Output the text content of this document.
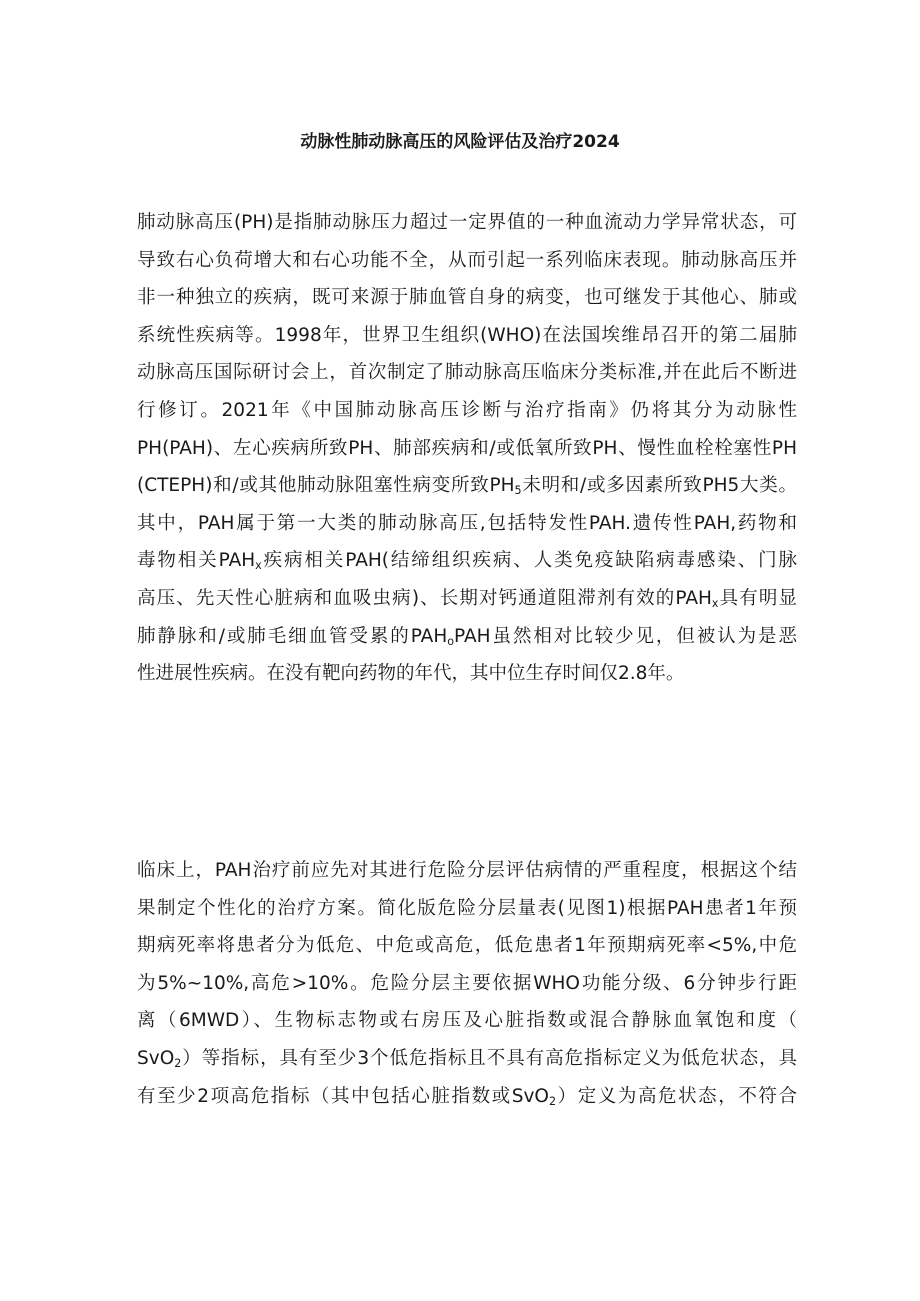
动脉性肺动脉高压的风险评估及治疗2024
肺动脉高压(PH)是指肺动脉压力超过一定界值的一种血流动力学异常状态，可
导致右心负荷增大和右心功能不全，从而引起一系列临床表现。肺动脉高压并
非一种独立的疾病，既可来源于肺血管自身的病变，也可继发于其他心、肺或
系统性疾病等。1998年，世界卫生组织(WHO)在法国埃维昂召开的第二届肺
动脉高压国际研讨会上，首次制定了肺动脉高压临床分类标准,并在此后不断进
行修订。2021年《中国肺动脉高压诊断与治疗指南》仍将其分为动脉性
PH(PAH)、左心疾病所致PH、肺部疾病和/或低氧所致PH、慢性血栓栓塞性PH
(CTEPH)和/或其他肺动脉阻塞性病变所致$PH_5$未明和/或多因素所致PH5大类。
其中，PAH属于第一大类的肺动脉高压,包括特发性PAH.遗传性PAH,药物和
毒物相关$PAH_x$疾病相关PAH(结缔组织疾病、人类免疫缺陷病毒感染、门脉
高压、先天性心脏病和血吸虫病)、长期对钙通道阻滞剂有效的$PAH_x$具有明显
肺静脉和/或肺毛细血管受累的$PAH_oPAH$虽然相对比较少见，但被认为是恶
性进展性疾病。在没有靶向药物的年代，其中位生存时间仅2.8年。
临床上，PAH治疗前应先对其进行危险分层评估病情的严重程度，根据这个结
果制定个性化的治疗方案。简化版危险分层量表(见图1)根据PAH患者1年预
期病死率将患者分为低危、中危或高危，低危患者1年预期病死率<5%,中危
为5%~10%,高危>10%。危险分层主要依据WHO功能分级、6分钟步行距
离（6MWD）、生物标志物或右房压及心脏指数或混合静脉血氧饱和度（
SvO$_2$）等指标，具有至少3个低危指标且不具有高危指标定义为低危状态，具
有至少2项高危指标（其中包括心脏指数或SvO$_2$）定义为高危状态，不符合
